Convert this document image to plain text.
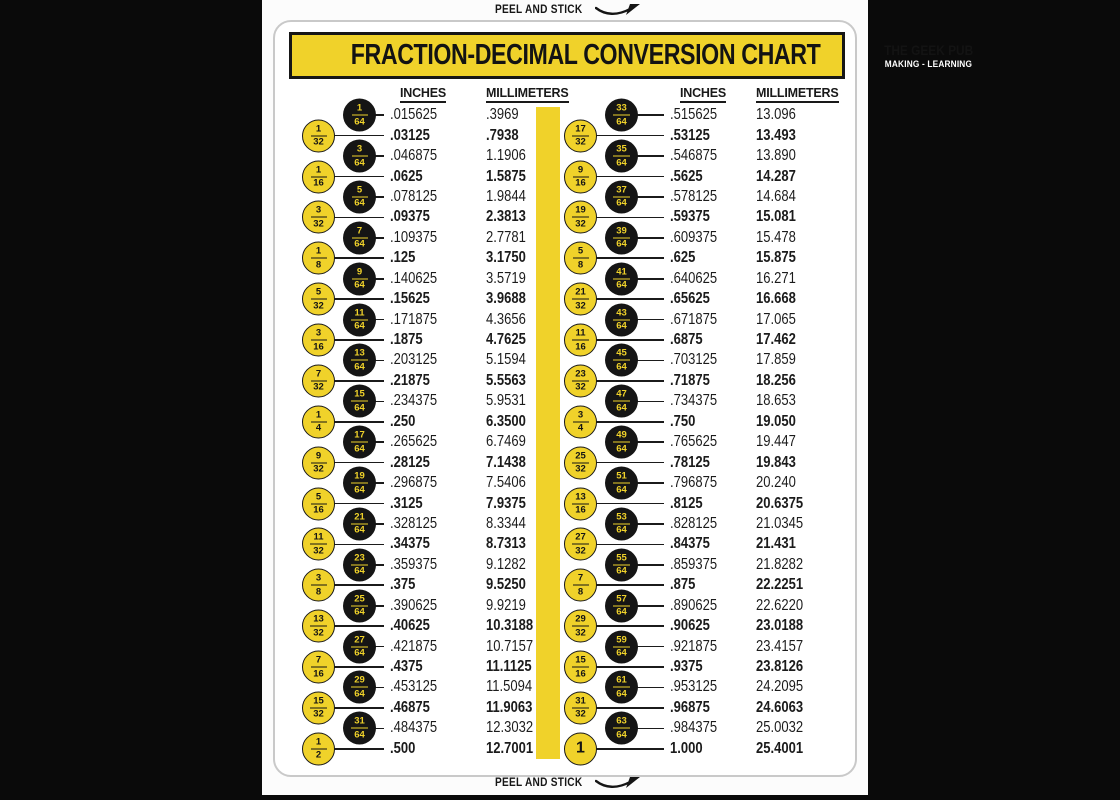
PEEL AND STICK
FRACTION-DECIMAL CONVERSION CHART	THE GEEK PUB
MAKING - LEARNING
INCHES	MILLIMETERS
$\frac{1}{64} .015625$	.3969
$\frac{1}{32}$	.03125	.7938
$\frac{3}{64} .046875$	1.1906
$\frac{1}{16}$	.0625	1.5875
$\frac{5}{64} .078125$	1.9844
$\frac{3}{32}$	.09375	2.3813
$\frac{7}{64} .109375$	2.7781
$\frac{1}{8}$	.125	3.1750
$\frac{9}{64} .140625$	3.5719
$\frac{5}{32}$	.15625	3.9688
$\frac{11}{64} .171875$	4.3656
$\frac{3}{16}$	.1875	4.7625
$\frac{13}{64} .203125$	5.1594
$\frac{7}{32}$	.21875	5.5563
$\frac{15}{64} .234375$	5.9531
$\frac{1}{4}$	.250	6.3500
$\frac{17}{64} .265625$	6.7469
$\frac{9}{32}$	.28125	7.1438
$\frac{19}{64} .296875$	7.5406
$\frac{5}{16}$	.3125	7.9375
$\frac{21}{64} .328125$	8.3344
$\frac{11}{32}$	.34375	8.7313
$\frac{23}{64} .359375$	9.1282
$\frac{3}{8}$	.375	9.5250
$\frac{25}{64} .390625$	9.9219
$\frac{13}{32}$	.40625	10.3188
$\frac{27}{64} .421875$	10.7157
$\frac{7}{16}$	.4375	11.1125
$\frac{29}{64} .453125$	11.5094
$\frac{15}{32}$	.46875	11.9063
$\frac{31}{64} .484375$	12.3032
$\frac{1}{2}$	.500	12.7001
INCHES MILLIMETERS
$\frac{33}{64} .515625$	13.096
$\frac{17}{32}$	.53125	13.493
$\frac{35}{64} .546875$	13.890
$\frac{9}{16}$	.5625	14.287
$\frac{37}{64} .578125$	14.684
$\frac{19}{32}$	.59375	15.081
$\frac{39}{64} .609375$	15.478
$\frac{5}{8}$	.625	15.875
$\frac{41}{64} .640625$	16.271
$\frac{21}{32}$	.65625	16.668
$\frac{43}{64} .671875$	17.065
$\frac{11}{16}$	.6875	17.462
$\frac{45}{64} .703125$	17.859
$\frac{23}{32}$	.71875	18.256
$\frac{47}{64} .734375$	18.653
$\frac{3}{4}$	.750	19.050
$\frac{49}{64} .765625$	19.447
$\frac{25}{32}$	.78125	19.843
$\frac{51}{64} .796875$	20.240
$\frac{13}{16}$	.8125	20.6375
$\frac{53}{64} .828125$	21.0345
$\frac{27}{32}$	.84375	21.431
$\frac{55}{64} .859375$	21.8282
$\frac{7}{8}$	.875	22.2251
$\frac{57}{64} .890625$	22.6220
$\frac{29}{32}$	.90625	23.0188
$\frac{59}{64} .921875$	23.4157
$\frac{15}{16}$	.9375	23.8126
$\frac{61}{64} .953125$	24.2095
$\frac{31}{32}$	.96875	24.6063
$\frac{63}{64} .984375$	25.0032
1	1.000	25.4001
PEEL AND STICK
